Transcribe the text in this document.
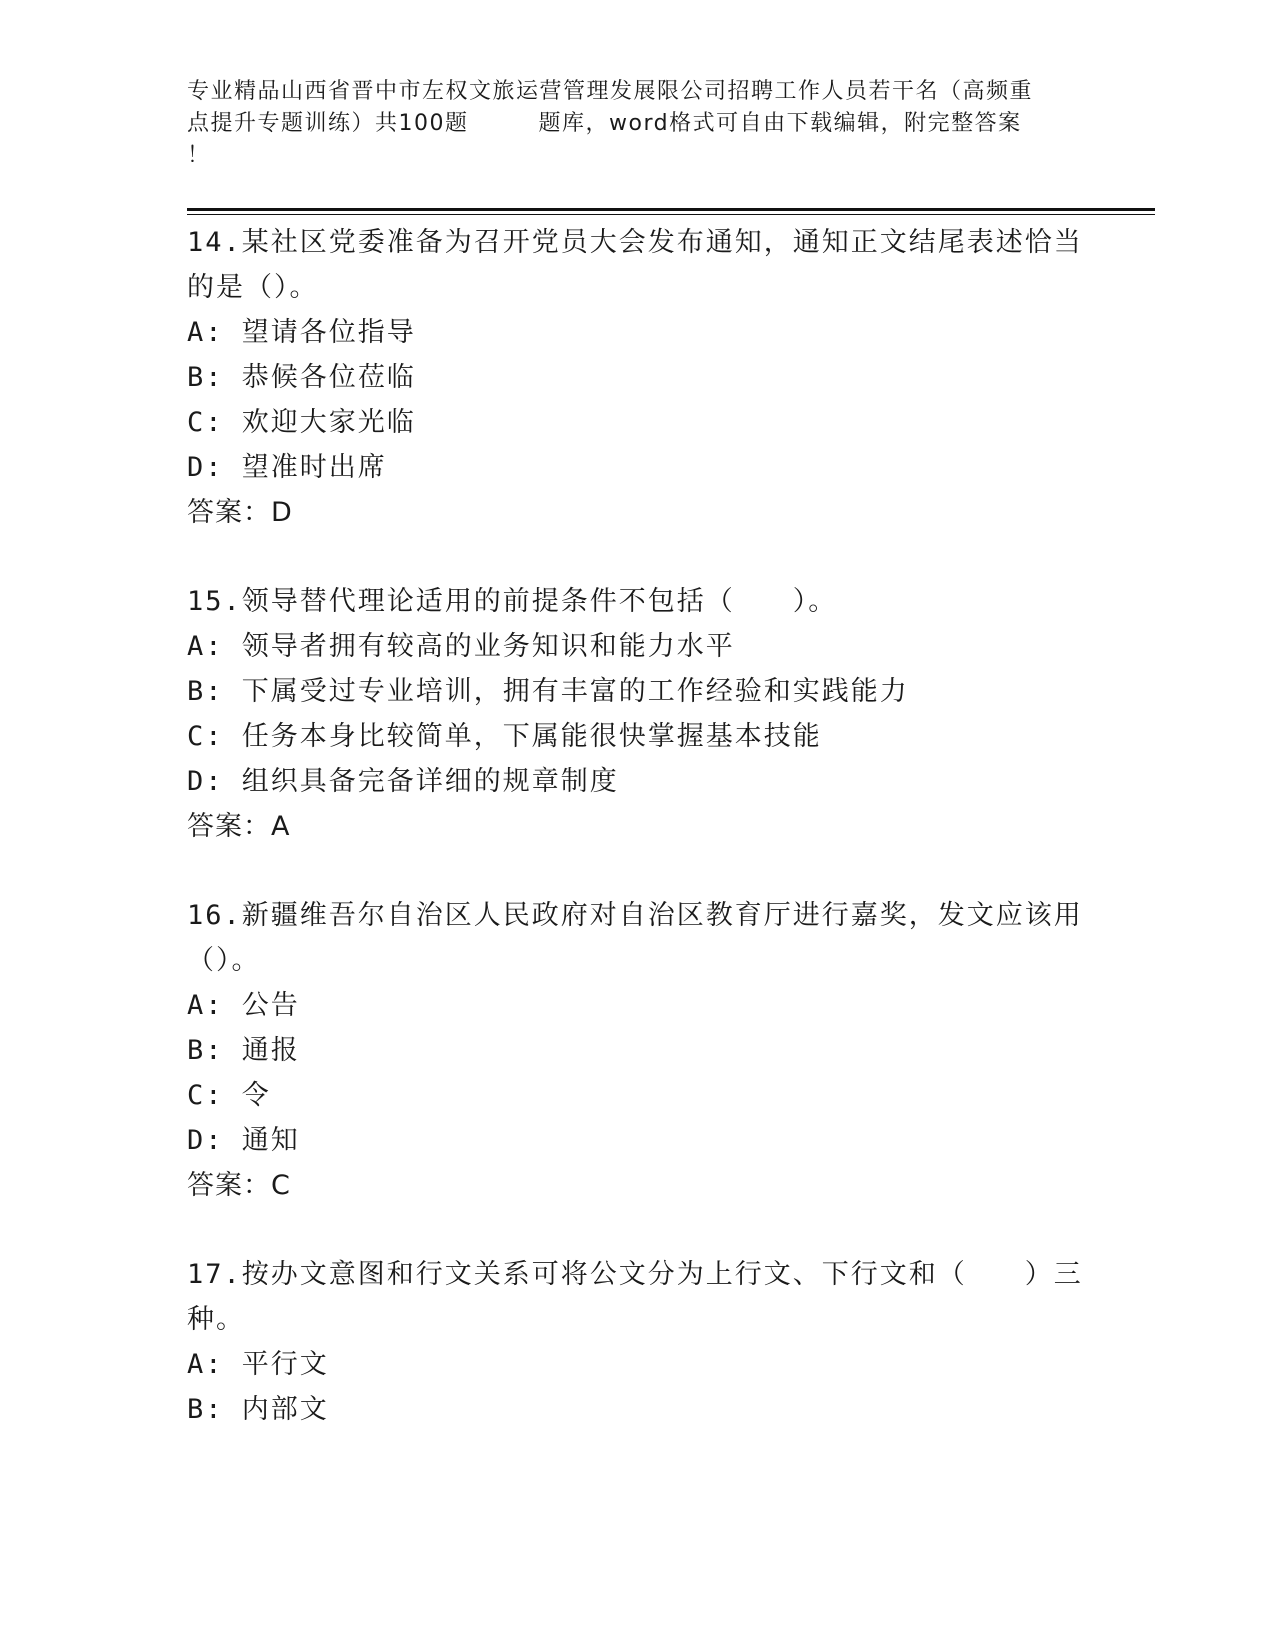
专业精品山西省晋中市左权文旅运营管理发展限公司招聘工作人员若干名（高频重
点提升专题训练）共100题	题库，word格式可自由下载编辑，附完整答案
！

14.某社区党委准备为召开党员大会发布通知，通知正文结尾表述恰当的是（）。

A: 望请各位指导

B: 恭候各位莅临

C: 欢迎大家光临

D: 望准时出席

答案：D

15.领导替代理论适用的前提条件不包括（　　）。

A: 领导者拥有较高的业务知识和能力水平

B: 下属受过专业培训，拥有丰富的工作经验和实践能力

C: 任务本身比较简单，下属能很快掌握基本技能

D: 组织具备完备详细的规章制度

答案：A

16.新疆维吾尔自治区人民政府对自治区教育厅进行嘉奖，发文应该用（）。

A: 公告

B: 通报

C: 令

D: 通知

答案：C

17.按办文意图和行文关系可将公文分为上行文、下行文和（　　）三种。

A: 平行文

B: 内部文
